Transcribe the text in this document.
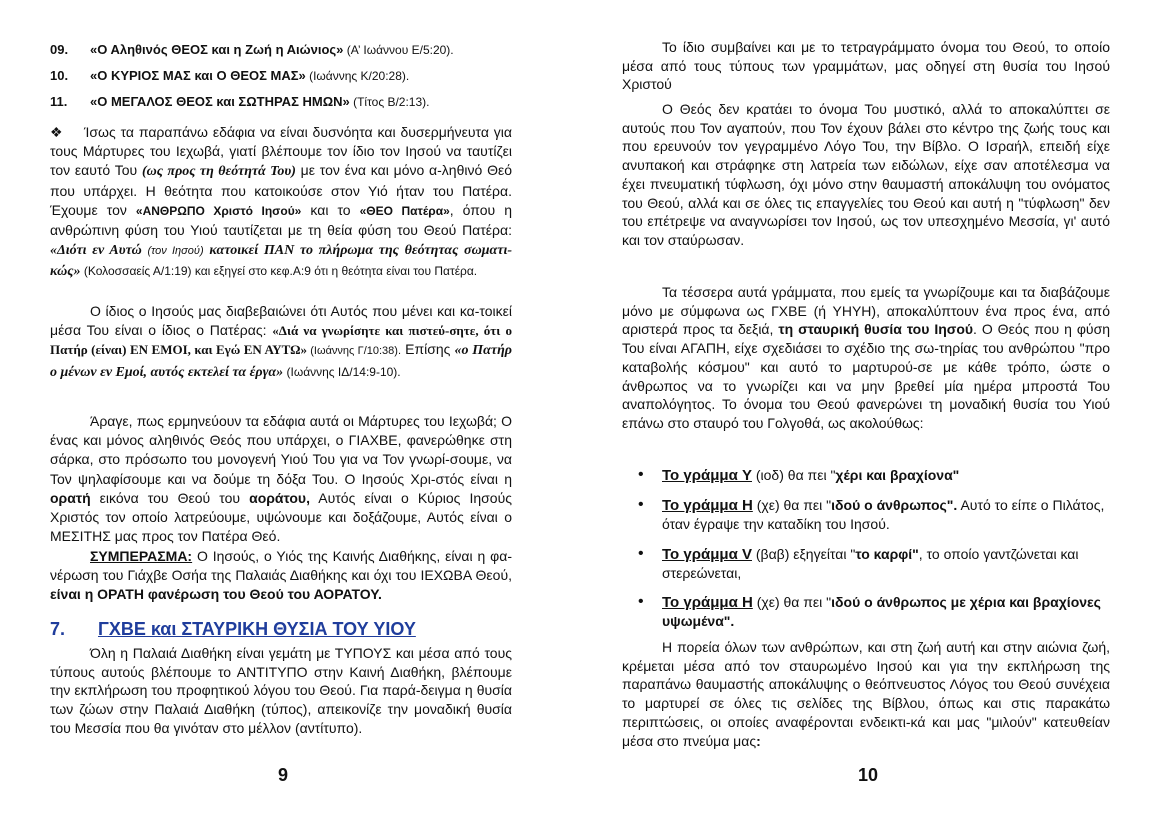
09. «Ο Αληθινός ΘΕΟΣ και η Ζωή η Αιώνιος» (Α’ Ιωάννου Ε/5:20).
10. «Ο ΚΥΡΙΟΣ ΜΑΣ και Ο ΘΕΟΣ ΜΑΣ» (Ιωάννης Κ/20:28).
11. «Ο ΜΕΓΑΛΟΣ ΘΕΟΣ και ΣΩΤΗΡΑΣ ΗΜΩΝ» (Τίτος Β/2:13).

❖ Ίσως τα παραπάνω εδάφια να είναι δυσνόητα και δυσερμήνευτα για τους Μάρτυρες του Ιεχωβά, γιατί βλέπουμε τον ίδιο τον Ιησού να ταυτίζει τον εαυτό Του (ως προς τη θεότητά Του) με τον ένα και μόνο α-ληθινό Θεό που υπάρχει. Η θεότητα που κατοικούσε στον Υιό ήταν του Πατέρα. Έχουμε τον «ΑΝΘΡΩΠΟ Χριστό Ιησού» και το «ΘΕΟ Πατέρα», όπου η ανθρώπινη φύση του Υιού ταυτίζεται με τη θεία φύση του Θεού Πατέρα: «Διότι εν Αυτώ (τον Ιησού) κατοικεί ΠΑΝ το πλήρωμα της θεότητας σωματι-κώς» (Κολοσσαείς Α/1:19) και εξηγεί στο κεφ.Α:9 ότι η θεότητα είναι του Πατέρα.

Ο ίδιος ο Ιησούς μας διαβεβαιώνει ότι Αυτός που μένει και κα-τοικεί μέσα Του είναι ο ίδιος ο Πατέρας: «Διά να γνωρίσητε και πιστεύ-σητε, ότι ο Πατήρ (είναι) ΕΝ ΕΜΟΙ, και Εγώ ΕΝ ΑΥΤΩ» (Ιωάννης Γ/10:38). Επίσης «ο Πατήρ ο μένων εν Εμοί, αυτός εκτελεί τα έργα» (Ιωάννης ΙΔ/14:9-10).

Άραγε, πως ερμηνεύουν τα εδάφια αυτά οι Μάρτυρες του Ιεχωβά; Ο ένας και μόνος αληθινός Θεός που υπάρχει, ο ΓΙΑΧΒΕ, φανερώθηκε στη σάρκα, στο πρόσωπο του μονογενή Υιού Του για να Τον γνωρί-σουμε, να Τον ψηλαφίσουμε και να δούμε τη δόξα Του. Ο Ιησούς Χρι-στός είναι η ορατή εικόνα του Θεού του αοράτου, Αυτός είναι ο Κύριος Ιησούς Χριστός τον οποίο λατρεύουμε, υψώνουμε και δοξάζουμε, Αυτός είναι ο ΜΕΣΙΤΗΣ μας προς τον Πατέρα Θεό.

ΣΥΜΠΕΡΑΣΜΑ: Ο Ιησούς, ο Υιός της Καινής Διαθήκης, είναι η φα-νέρωση του Γιάχβε Οσήα της Παλαιάς Διαθήκης και όχι του ΙΕΧΩΒΑ Θεού, είναι η ΟΡΑΤΗ φανέρωση του Θεού του ΑΟΡΑΤΟΥ.

7. ΓΧΒΕ και ΣΤΑΥΡΙΚΗ ΘΥΣΙΑ ΤΟΥ ΥΙΟΥ

Όλη η Παλαιά Διαθήκη είναι γεμάτη με ΤΥΠΟΥΣ και μέσα από τους τύπους αυτούς βλέπουμε το ΑΝΤΙΤΥΠΟ στην Καινή Διαθήκη, βλέπουμε την εκπλήρωση του προφητικού λόγου του Θεού. Για παρά-δειγμα η θυσία των ζώων στην Παλαιά Διαθήκη (τύπος), απεικονίζε την μοναδική θυσία του Μεσσία που θα γινόταν στο μέλλον (αντίτυπο).

9

Το ίδιο συμβαίνει και με το τετραγράμματο όνομα του Θεού, το οποίο μέσα από τους τύπους των γραμμάτων, μας οδηγεί στη θυσία του Ιησού Χριστού

Ο Θεός δεν κρατάει το όνομα Του μυστικό, αλλά το αποκαλύπτει σε αυτούς που Τον αγαπούν, που Τον έχουν βάλει στο κέντρο της ζωής τους και που ερευνούν τον γεγραμμένο Λόγο Του, την Βίβλο. Ο Ισραήλ, επειδή είχε ανυπακοή και στράφηκε στη λατρεία των ειδώλων, είχε σαν αποτέλεσμα να έχει πνευματική τύφλωση, όχι μόνο στην θαυμαστή αποκάλυψη του ονόματος του Θεού, αλλά και σε όλες τις επαγγελίες του Θεού και αυτή η "τύφλωση" δεν του επέτρεψε να αναγνωρίσει τον Ιησού, ως τον υπεσχημένο Μεσσία, γι' αυτό και τον σταύρωσαν.

Τα τέσσερα αυτά γράμματα, που εμείς τα γνωρίζουμε και τα διαβάζουμε μόνο με σύμφωνα ως ΓΧΒΕ (ή ΥΗΥΗ), αποκαλύπτουν ένα προς ένα, από αριστερά προς τα δεξιά, τη σταυρική θυσία του Ιησού. Ο Θεός που η φύση Του είναι ΑΓΑΠΗ, είχε σχεδιάσει το σχέδιο της σω-τηρίας του ανθρώπου "προ καταβολής κόσμου" και αυτό το μαρτυρού-σε με κάθε τρόπο, ώστε ο άνθρωπος να το γνωρίζει και να μην βρεθεί μία ημέρα μπροστά Του αναπολόγητος. Το όνομα του Θεού φανερώνει τη μοναδική θυσία του Υιού επάνω στο σταυρό του Γολγοθά, ως ακολούθως:

• Το γράμμα Y (ιοδ) θα πει "χέρι και βραχίονα"
• Το γράμμα H (χε) θα πει "ιδού ο άνθρωπος". Αυτό το είπε ο Πιλάτος, όταν έγραψε την καταδίκη του Ιησού.
• Το γράμμα V (βαβ) εξηγείται "το καρφί", το οποίο γαντζώνεται και στερεώνεται,
• Το γράμμα H (χε) θα πει "ιδού ο άνθρωπος με χέρια και βραχίονες υψωμένα".

Η πορεία όλων των ανθρώπων, και στη ζωή αυτή και στην αιώνια ζωή, κρέμεται μέσα από τον σταυρωμένο Ιησού και για την εκπλήρωση της παραπάνω θαυμαστής αποκάλυψης ο θεόπνευστος Λόγος του Θεού συνέχεια το μαρτυρεί σε όλες τις σελίδες της Βίβλου, όπως και στις παρακάτω περιπτώσεις, οι οποίες αναφέρονται ενδεικτι-κά και μας "μιλούν" κατευθείαν μέσα στο πνεύμα μας:

10
